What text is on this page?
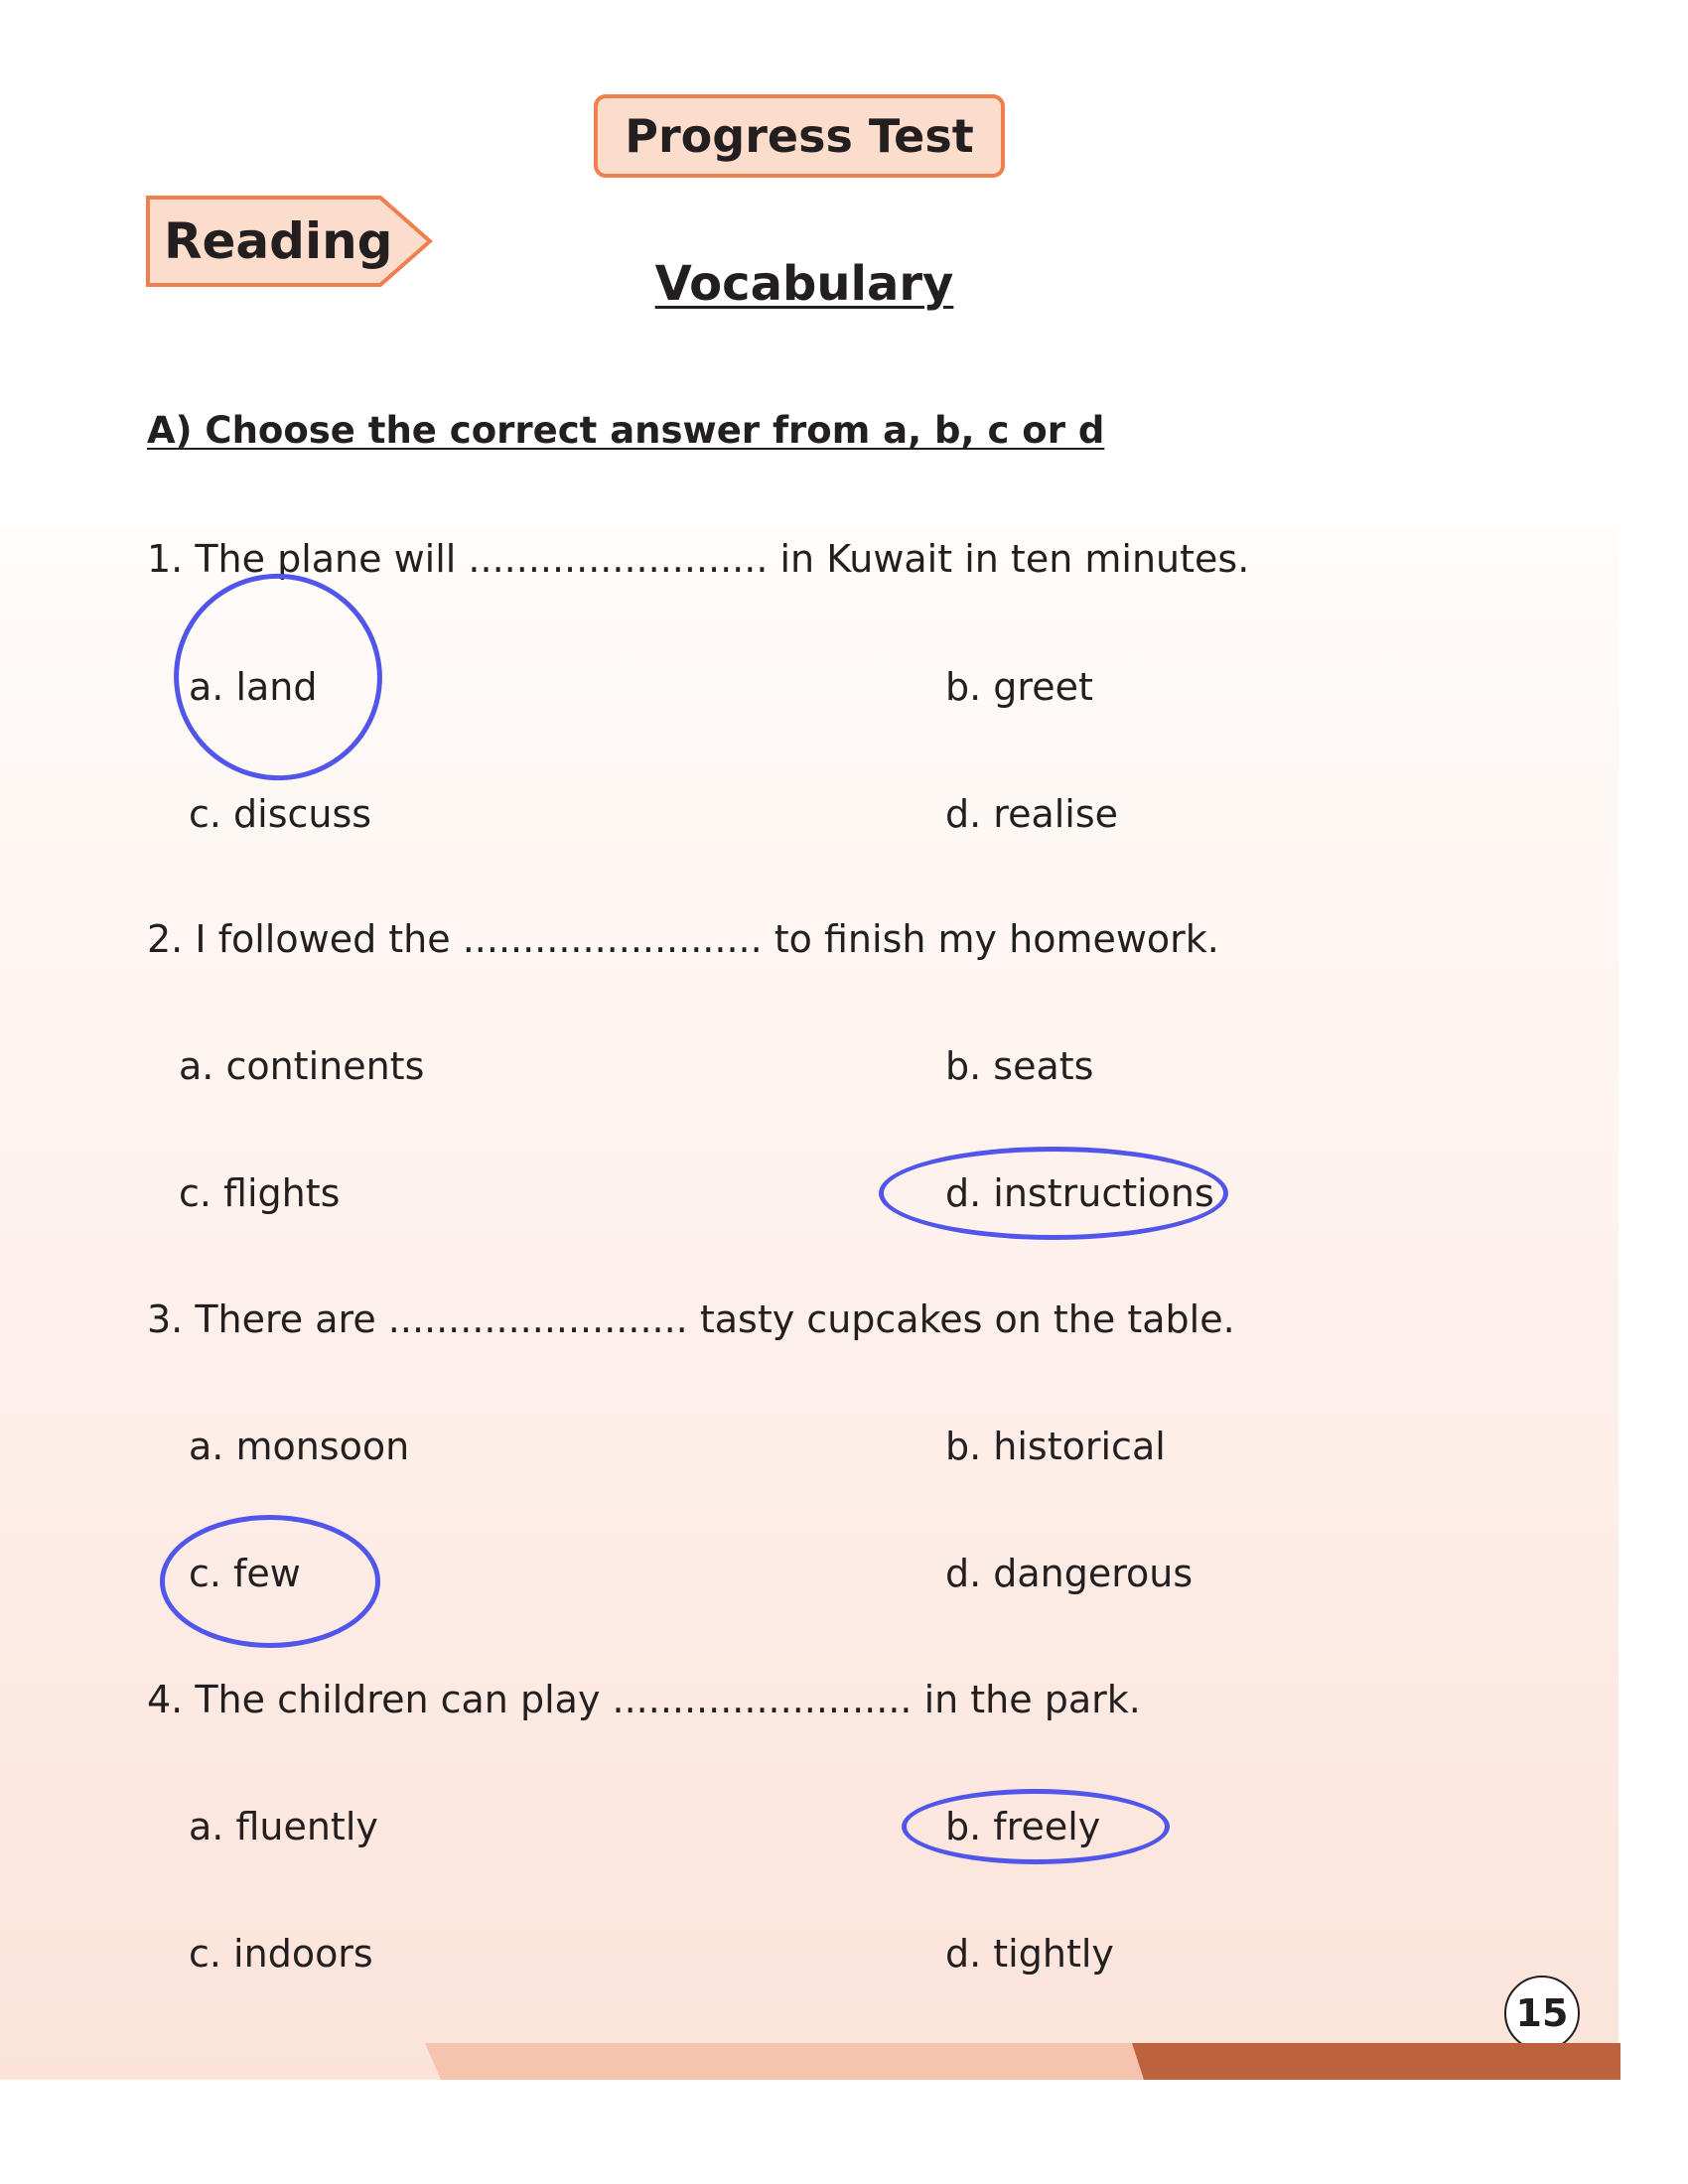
Progress Test
Reading
Vocabulary
A) Choose the correct answer from a, b, c or d
1. The plane will ......................... in Kuwait in ten minutes.
a. land	b. greet
c. discuss	d. realise
2. I followed the ......................... to finish my homework.
a. continents	b. seats
c. flights	d. instructions
3. There are ......................... tasty cupcakes on the table.
a. monsoon	b. historical
c. few	d. dangerous
4. The children can play ......................... in the park.
a. fluently	b. freely
c. indoors	d. tightly
15
